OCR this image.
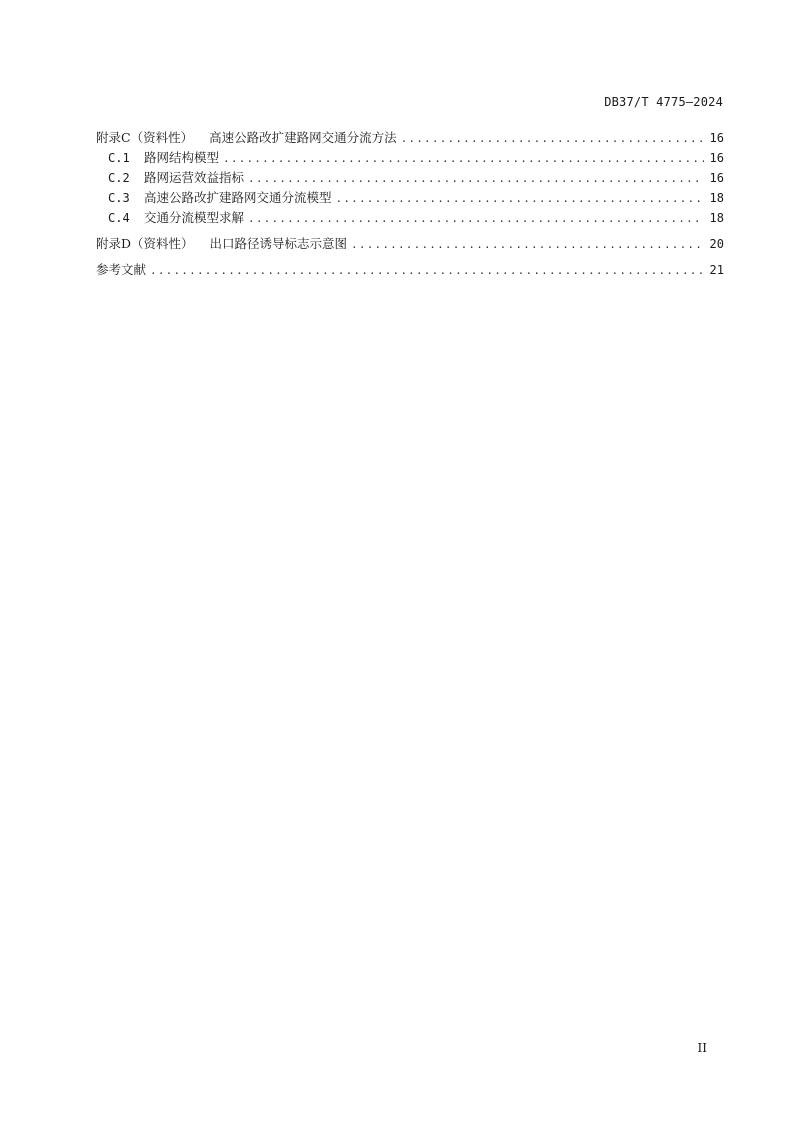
DB37/T 4775—2024
附录C（资料性） 高速公路改扩建路网交通分流方法 .....	16
C.1	路网结构模型 .....	16
C.2	路网运营效益指标 .....	16
C.3	高速公路改扩建路网交通分流模型 .....	18
C.4	交通分流模型求解 .....	18
附录D（资料性） 出口路径诱导标志示意图 .....	20
参考文献 .....	21
II
